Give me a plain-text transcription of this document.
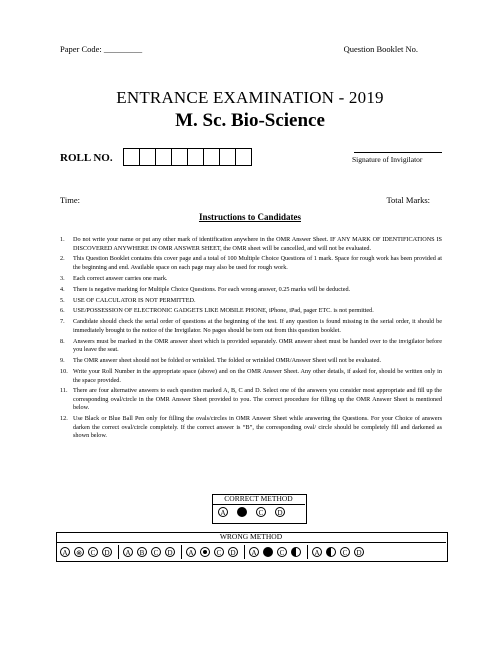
Paper Code: _________	Question Booklet No.
ENTRANCE EXAMINATION - 2019
M. Sc. Bio-Science
ROLL NO.	Signature of Invigilator
Time:	Total Marks:
Instructions to Candidates
1.	Do not write your name or put any other mark of identification anywhere in the OMR Answer Sheet. IF ANY MARK OF IDENTIFICATIONS IS DISCOVERED ANYWHERE IN OMR ANSWER SHEET, the OMR sheet will be cancelled, and will not be evaluated.
2.	This Question Booklet contains this cover page and a total of 100 Multiple Choice Questions of 1 mark. Space for rough work has been provided at the beginning and end. Available space on each page may also be used for rough work.
3.	Each correct answer carries one mark.
4.	There is negative marking for Multiple Choice Questions. For each wrong answer, 0.25 marks will be deducted.
5.	USE OF CALCULATOR IS NOT PERMITTED.
6.	USE/POSSESSION OF ELECTRONIC GADGETS LIKE MOBILE PHONE, iPhone, iPad, pager ETC. is not permitted.
7.	Candidate should check the serial order of questions at the beginning of the test. If any question is found missing in the serial order, it should be immediately brought to the notice of the Invigilator. No pages should be torn out from this question booklet.
8.	Answers must be marked in the OMR answer sheet which is provided separately. OMR answer sheet must be handed over to the invigilator before you leave the seat.
9.	The OMR answer sheet should not be folded or wrinkled. The folded or wrinkled OMR/Answer Sheet will not be evaluated.
10. Write your Roll Number in the appropriate space (above) and on the OMR Answer Sheet. Any other details, if asked for, should be written only in the space provided.
11. There are four alternative answers to each question marked A, B, C and D. Select one of the answers you consider most appropriate and fill up the corresponding oval/circle in the OMR Answer Sheet provided to you. The correct procedure for filling up the OMR Answer Sheet is mentioned below.
12. Use Black or Blue Ball Pen only for filling the ovals/circles in OMR Answer Sheet while answering the Questions. For your Choice of answers darken the correct oval/circle completely. If the correct answer is “B”, the corresponding oval/ circle should be completely fill and darkened as shown below.
CORRECT METHOD
A	C	D
WRONG METHOD
A	⊗	C	D	A	B	C	D	A	C	D	A	C	A	C	D
